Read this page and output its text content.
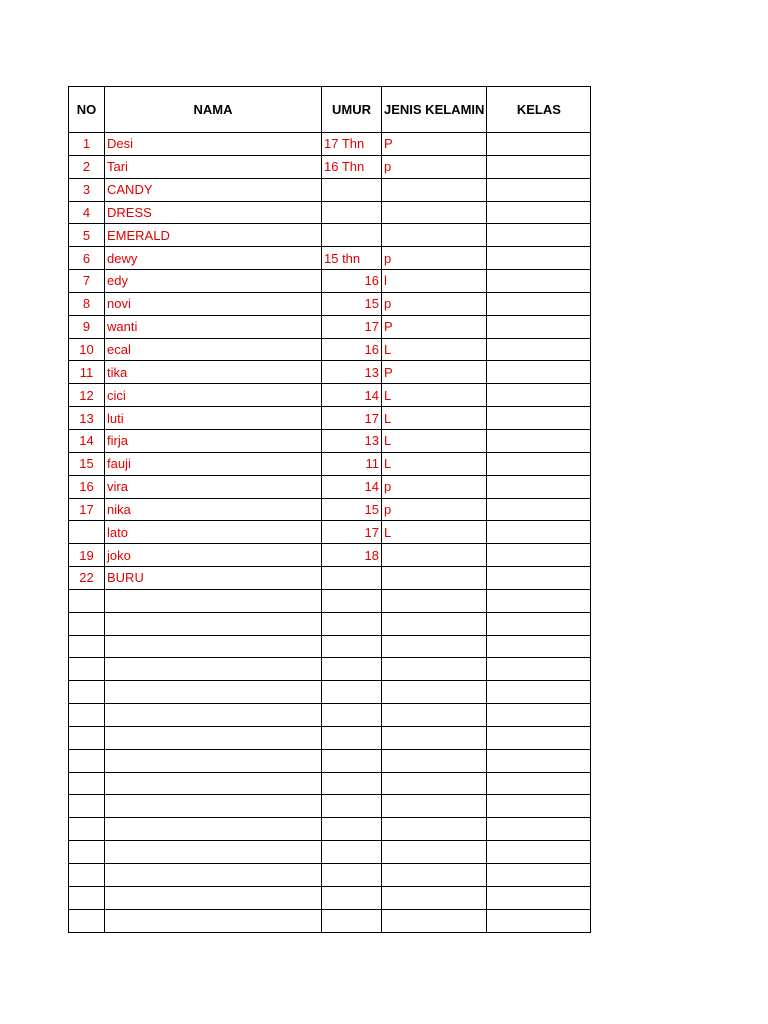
NO	NAMA	UMUR	JENIS KELAMIN	KELAS
1	Desi	17 Thn	P	
2	Tari	16 Thn	p	
3	CANDY			
4	DRESS			
5	EMERALD			
6	dewy	15 thn	p	
7	edy	16	l	
8	novi	15	p	
9	wanti	17	P	
10	ecal	16	L	
11	tika	13	P	
12	cici	14	L	
13	luti	17	L	
14	firja	13	L	
15	fauji	11	L	
16	vira	14	p	
17	nika	15	p	
	lato	17	L	
19	joko	18		
22	BURU			
